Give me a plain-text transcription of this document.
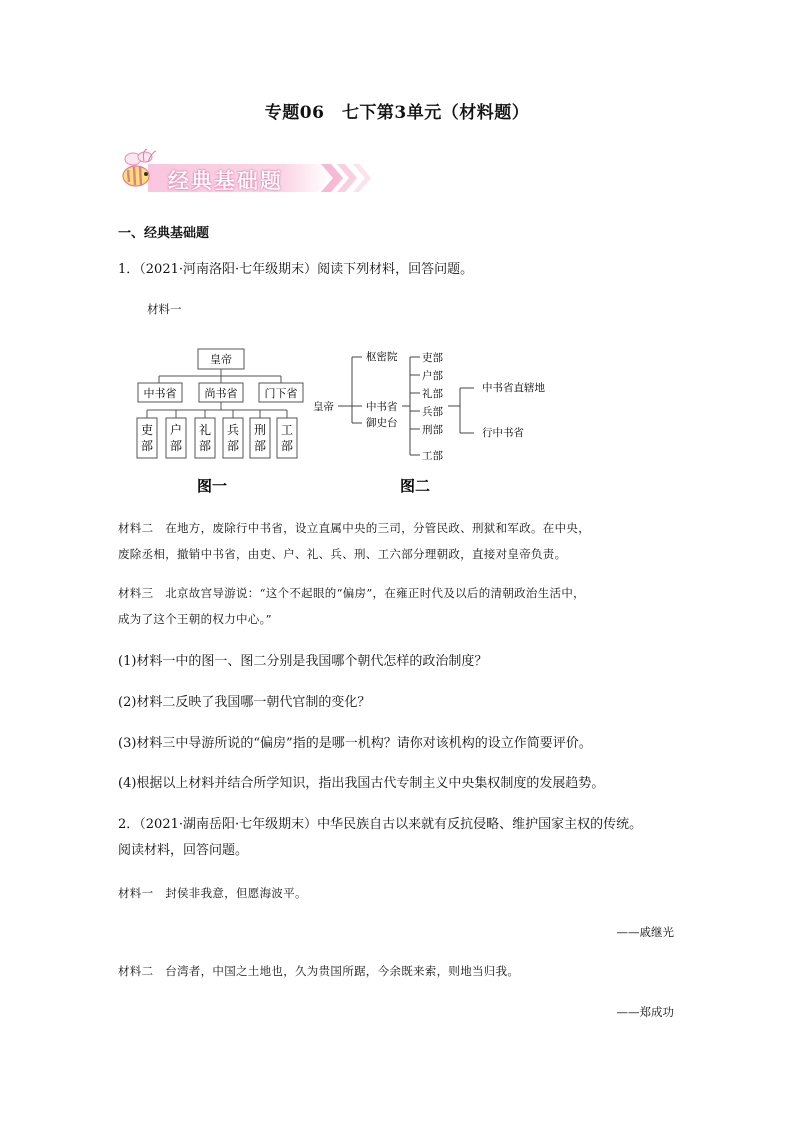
专题06　七下第3单元（材料题）
经典基础题
一、经典基础题
1．（2021·河南洛阳·七年级期末）阅读下列材料，回答问题。
材料一
皇帝
中书省	尚书省 门下省
吏
部
户
部
礼
部
兵
部
刑
部
工
部
图一
皇帝
枢密院
中书省
御史台
吏部
户部
礼部
兵部
刑部
工部
中书省直辖地
行中书省
图二
材料二　在地方，废除行中书省，设立直属中央的三司，分管民政、刑狱和军政。在中央，
废除丞相，撤销中书省，由吏、户、礼、兵、刑、工六部分理朝政，直接对皇帝负责。
材料三　北京故宫导游说：“这个不起眼的“偏房”，在雍正时代及以后的清朝政治生活中，
成为了这个王朝的权力中心。”
(1)材料一中的图一、图二分别是我国哪个朝代怎样的政治制度？
(2)材料二反映了我国哪一朝代官制的变化？
(3)材料三中导游所说的“偏房”指的是哪一机构？请你对该机构的设立作简要评价。
(4)根据以上材料并结合所学知识，指出我国古代专制主义中央集权制度的发展趋势。
2．（2021·湖南岳阳·七年级期末）中华民族自古以来就有反抗侵略、维护国家主权的传统。
阅读材料，回答问题。
材料一　封侯非我意，但愿海波平。
——戚继光
材料二　台湾者，中国之土地也，久为贵国所踞，今余既来索，则地当归我。
——郑成功
